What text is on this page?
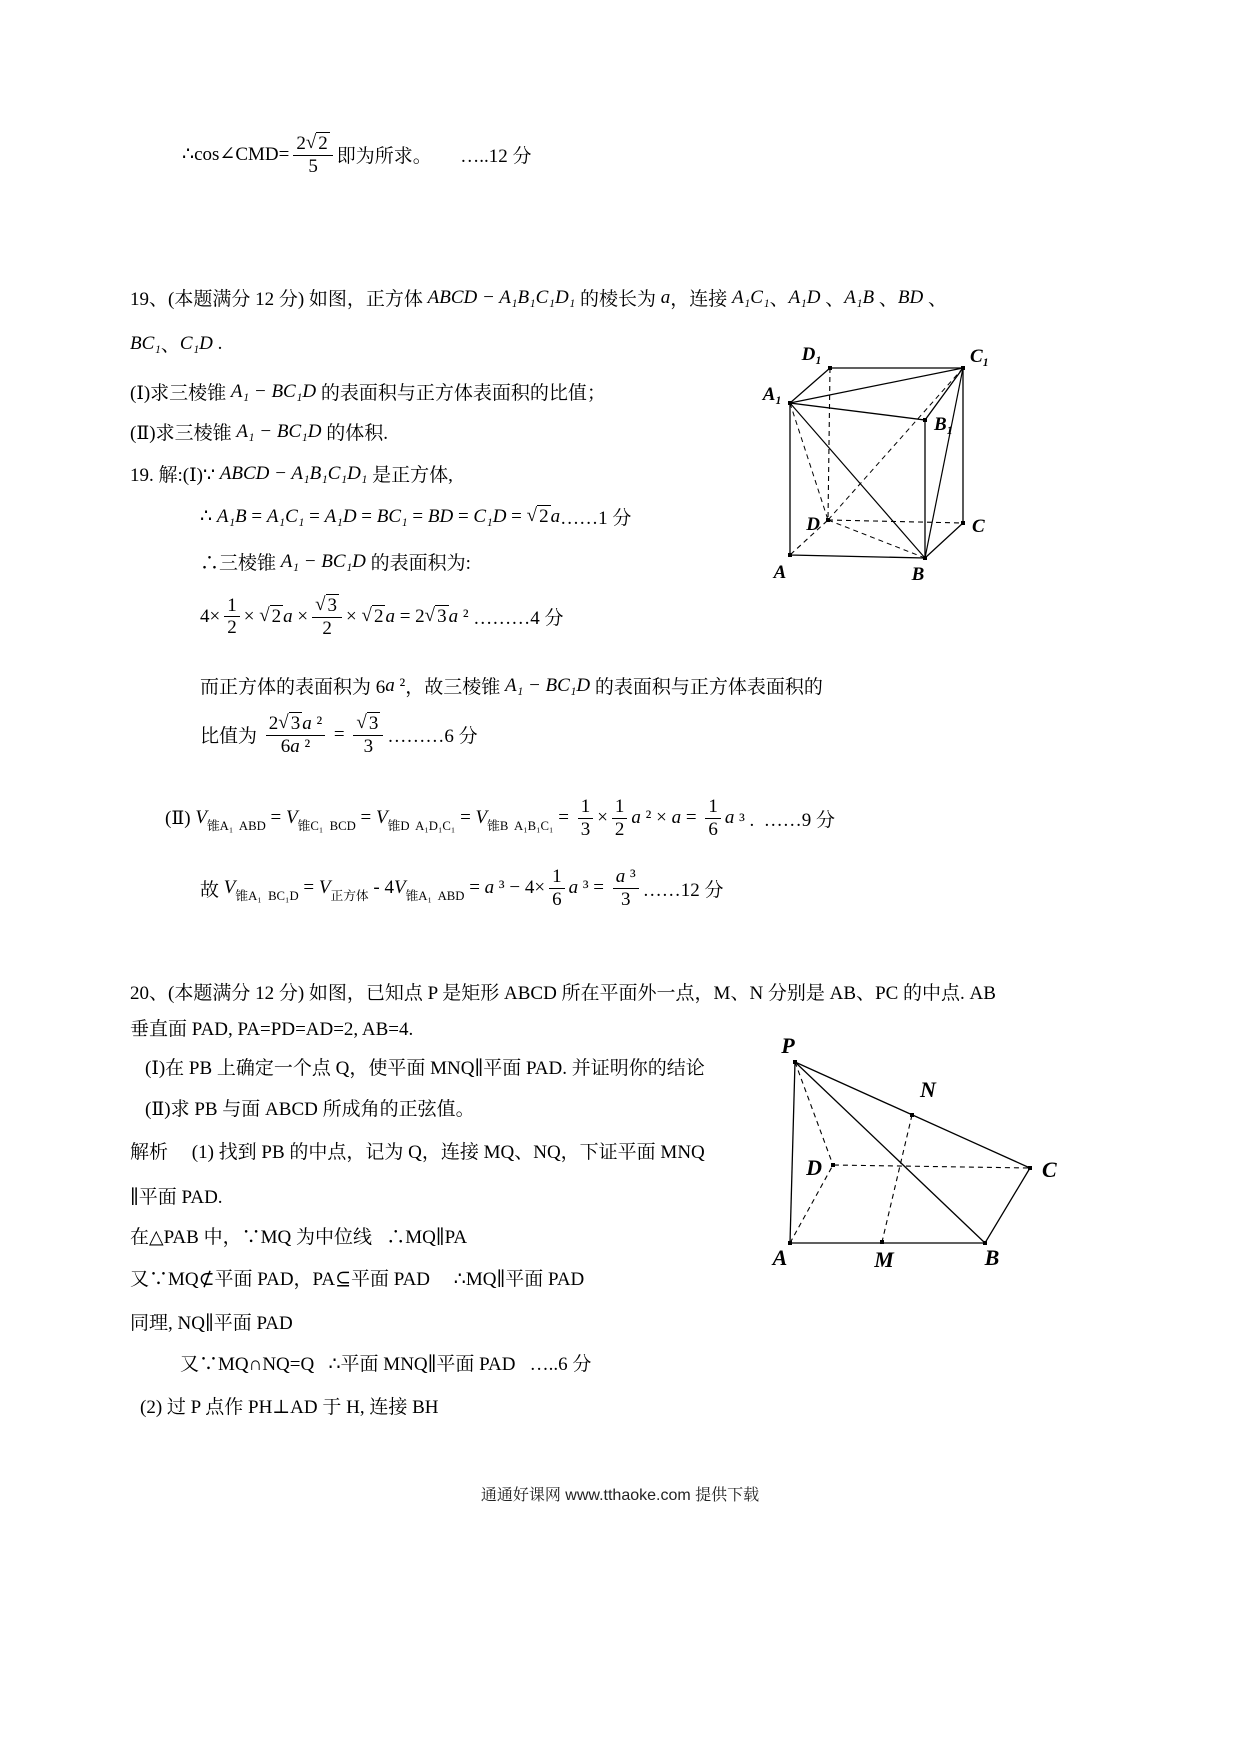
∴cos∠CMD= $\frac{2 √ 2}{5}$ 即为所求。 …..12 分
19、(本题满分 12 分) 如图，正方体 ABCD − A₁B₁C₁D₁ 的棱长为 a ，连接 A₁C₁ 、 A₁D 、 A₁B 、 BD 、
BC₁ 、 C₁D .
(Ⅰ)求三棱锥 A₁ − BC₁D 的表面积与正方体表面积的比值；
(Ⅱ)求三棱锥 A₁ − BC₁D 的体积.
19. 解:(Ⅰ)∵ ABCD − A₁B₁C₁D₁ 是正方体,
∴ A₁B = A₁C₁ = A₁D = BC₁ = BD = C₁D = √ 2 a ……1 分
∴三棱锥 A₁ − BC₁D 的表面积为:
$4\times \frac{1}{2}$ × √ 2 $a \times \frac{√ 3}{2}$ × √ 2 a = 2 √ 3 a ² ………4 分
而正方体的表面积为 6 a ² ，故三棱锥 A₁ − BC₁D 的表面积与正方体表面积的
比值为 $\frac{\text{2 √ 3 a ²}}{\text{6 a ²}} = \frac{√ 3}{3}$ ………6 分
(Ⅱ) V 锥A₁  ABD = V 锥C₁  BCD = V 锥D  A₁D₁C₁ = V 锥B  $A_1B_1C_1 = \frac{1}{3} \times \frac{1}{2}$ a $^2 \times a = \frac{1}{6}$ a ³ .  ……9 分
故 V 锥A₁  BC₁D = V 正方体 - 4 V 锥A₁  ABD = a $^3 - 4\times \frac{1}{6}$ a $^3 = \frac{\text{a ³}}{3}$ ……12 分
20、(本题满分 12 分) 如图，已知点 P 是矩形 ABCD 所在平面外一点，M、N 分别是 AB、PC 的中点. AB
垂直面 PAD, PA=PD=AD=2, AB=4.
(Ⅰ)在 PB 上确定一个点 Q，使平面 MNQ∥平面 PAD. 并证明你的结论
(Ⅱ)求 PB 与面 ABCD 所成角的正弦值。
解析　 (1) 找到 PB 的中点，记为 Q，连接 MQ、NQ，下证平面 MNQ
∥平面 PAD.
在△PAB 中，∵MQ 为中位线   ∴MQ∥PA
又∵MQ⊄平面 PAD，PA⊆平面 PAD     ∴MQ∥平面 PAD
同理, NQ∥平面 PAD
又∵MQ∩NQ=Q   ∴平面 MNQ∥平面 PAD   …..6 分
(2) 过 P 点作 PH⊥AD 于 H, 连接 BH
D₁	C₁
A₁
B₁
D	C
A	B
P
N
D	C
A	M	B
通通好课网 www.tthaoke.com 提供下载
